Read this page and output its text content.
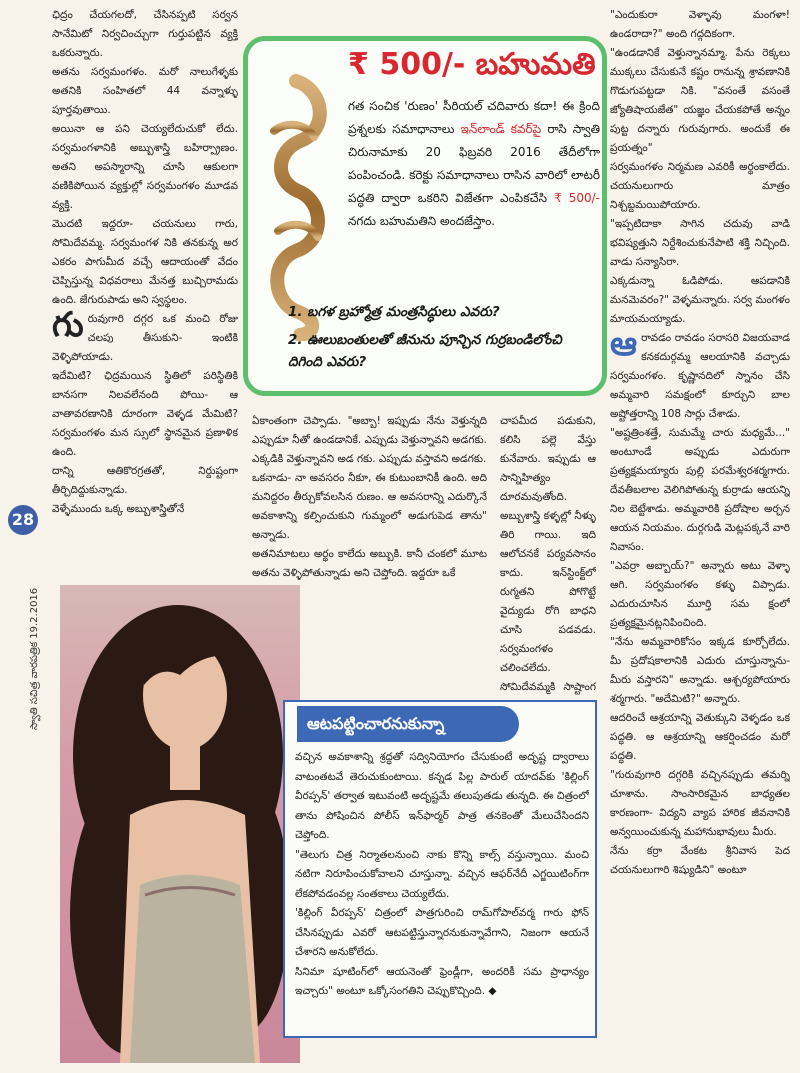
28
స్వాతి సచిత్ర వారపత్రిక 19.2.2016
ఛిద్రం చేయగలదో, చేసినప్పటి సర్వన సానేమిటో నిర్వచించ్చుగా గుర్తుపట్టిన వ్యక్తి ఒకరున్నారు.
అతను సర్వమంగళం. మరో నాలుగేళ్ళకు అతనికి సంహితలో 44 వన్నాళ్ళు పూర్తవుతాయి.
అయినా ఆ పని చెయ్యలేదుచుకో లేదు. సర్వమంగళానికి అబ్బుశాస్త్రి బహిర్ప్రాణం. అతని అపస్మారాన్ని చూసి ఆకులగా వణికిపోయిన వ్యక్తుల్లో సర్వమంగళం మూడవ వ్యక్తి.
మొదటి ఇద్దరూ- చయనులు గారు, సోమిదేవమ్మ. సర్వమంగళ నికి తనకున్న అర ఎకరం పాగుమీద వచ్చే ఆదాయంతో వేదం చెప్పిస్తున్న విధవరాలు మేనత్త బుచ్చిరామడు ఉంది. జేగురుపాడు అని స్వస్థలం.

గు రువుగారి దగ్గర ఒక మంచి రోజు చలపు తీసుకుని- ఇంటికి వెళ్ళిపోయాడు.
ఇదేమిటి? ఛిద్రమయిన స్థితిలో పరిస్థితికి బానసగా నిలవలేనంది పోయి- ఆ వాతావరణానికి దూరంగా వెళ్ళడ మేమిటి? సర్వమంగళం మన స్సులో స్థానమైన ప్రణాళిక ఉంది.
దాన్ని ఆతికొరగ్రతతో, నిర్దుష్టంగా తీర్చిదిద్దుకున్నాడు.
వెళ్ళేముందు ఒక్క అబ్బుశాస్త్రితోనే
స్వాతి	₹ 500/- బహుమతి
గత సంచిక 'రుణం' సీరియల్ చదివారు కదా! ఈ క్రింది ప్రశ్నలకు సమాధానాలు ఇన్‌లాండ్ కవర్‌పై రాసి స్వాతి చిరునామాకు 20 ఫిబ్రవరి 2016 తేదీలోగా పంపించండి. కరెక్టు సమాధానాలు రాసిన వారిలో లాటరీ పద్ధతి ద్వారా ఒకరిని విజేతగా ఎంపికచేసి ₹ 500/- నగదు బహుమతిని అందజేస్తాం.
1. బగళ బ్రహ్మోత్ర మంత్రసిద్ధులు ఎవరు?
2. ఊలుబంతులతో జీనును పూన్చిన గుర్రబండిలోంచి దిగింది ఎవరు?
ఏకాంతంగా చెప్పాడు. "అబ్బా! ఇప్పుడు నేను వెళ్తున్నది ఎప్పుడూ నీతో ఉండడానికే. ఎప్పుడు వెళ్తున్నావని అడగకు. ఎక్కడికి వెళ్తున్నావని అడ గకు. ఎప్పుడు వస్తావని అడగకు.
ఒకనాడు- నా అవసరం నీకూ, ఈ కుటుంబానికీ ఉంది. అది మనిద్దరం తీర్చుకోవలసిన రుణం. ఆ అవసరాన్ని ఎదుర్కొనే అవకాశాన్ని కల్పించుకుని గుమ్మంలో అడుగుపెడ తాను" అన్నాడు.
అతనిమాటలు అర్థం కాలేదు అబ్బుకి. కానీ చంకలో మూట అతను వెళ్ళిపోతున్నాడు అని చెప్తోంది. ఇద్దరూ ఒకే
చాపమీద పడుకుని, కలిసి పల్లె వేస్తు కునేవారు. ఇప్పుడు ఆ సాన్నిహిత్యం దూరమవుతోంది.
అబ్బుశాస్త్రి కళ్ళల్లో నీళ్ళు తిరి గాయి. ఇది ఆలోచనకే పర్యవసానం కాదు. ఇన్‌స్టింక్ట్‌లో రుగ్మతని పోగొట్టే వైద్యుడు రోగి బాధని చూసి పడవడు. సర్వమంగళం చలించలేదు.
సోమిదేవమ్మకి సాష్టాంగ

"ఎందుకురా వెళ్ళావు మంగళా! ఉండరాదా?" అంది గద్గదికంగా.
"ఉండడానికే వెళ్తున్నానమ్మా. పేను రెక్కలు ముక్కలు చేసుకునే కష్టం రానున్న శ్రావణానికి గొడుగుపట్టడా నికి. "వసంతే వసంతే జ్యోతిషాయజేత" యజ్ఞం చేయకపోతే అన్నం పుట్ట దన్నారు గురువుగారు. అందుకే ఈ ప్రయత్నం"
సర్వమంగళం నిర్మమణ ఎవరికీ అర్థంకాలేదు. చయనులుగారు మాత్రం నిశ్చబ్దమయిపోయారు.
"ఇప్పటిదాకా సాగిన చదువు వాడి భవిష్యత్తుని నిర్దేశించుకునేపాటి శక్తి నిచ్చింది. వాడు సన్యాసిరా.
ఎక్కడున్నా ఓడిపోడు. ఆపడానికి మనమెవరం?" వెళ్ళమన్నారు. సర్వ మంగళం మాయమయ్యాడు.

ఆ రావడం రావడం సరాసరి విజయవాడ కనకదుర్గమ్మ ఆలయానికి వచ్చాడు సర్వమంగళం. కృష్ణానదిలో స్నానం చేసి అమ్మవారి సమక్షంలో కూర్చుని బాల అష్టోత్తరాన్ని 108 సార్లు చేశాడు.
"అష్టత్రింశత్తే, సుమమ్మే చారు మధ్యమే..." అంటూండే అప్పుడు ఎదురుగా ప్రత్యక్షమయ్యారు పుల్లి పరమేశ్వరశర్మగారు. దేవతీబలాల వెలిగిపోతున్న కుర్రాడు ఆయన్ని నిల బెట్టేశాడు. అమ్మవారికి ప్రదోషాల అర్చన ఆయన నియమం. దుర్గగుడి మెట్లపక్కనే వారి నివాసం.
"ఎవర్రా అబ్బాయ్?" అన్నారు అటు వెళ్ళా ఆగి. సర్వమంగళం కళ్ళు విప్పాడు. ఎదురుచూసిన మూర్తి సమ క్షంలో ప్రత్యక్షమైనట్లనిపించింది.
"నేను అమ్మవారికోసం ఇక్కడ కూర్చోలేదు. మీ ప్రదోషకాలానికి ఎదురు చూస్తున్నాను- మీరు వస్తారని" అన్నాడు. ఆశ్చర్యపోయారు శర్మగారు. "అదేమిటి?" అన్నారు.
ఆదరించే ఆశ్రయాన్ని వెతుక్కుని వెళ్ళడం ఒక పద్ధతి. ఆ ఆశ్రయాన్ని ఆకర్షించడం మరో పద్ధతి.
"గురువుగారి దగ్గరికి వచ్చినప్పుడు తమర్ని చూశాను. సాంసారికమైన బాధ్యతల కారణంగా- విద్యని వ్యాప హారిక జీవనానికి అన్వయించుకున్న మహానుభావులు మీరు.
నేను కర్రా వేంకట శ్రీనివాస పెద చయనులుగారి శిష్యుడిని" అంటూ
ఆటపట్టించారనుకున్నా
వచ్చిన అవకాశాన్ని శ్రద్ధతో సద్వినియోగం చేసుకుంటే అదృష్ట ద్వారాలు వాటంతటవే తెరుచుకుంటాయి. కన్నడ పిల్ల పారుల్ యాదవ్‌కు 'కిల్లింగ్ వీరప్పన్' తర్వాత ఇటువంటి అదృష్టమే తలుపుతడు తున్నది. ఈ చిత్రంలో తాను పోషించిన పోలీస్ ఇన్‌ఫార్మర్ పాత్ర తనకెంతో మేలుచేసిందని చెప్తోంది.
"తెలుగు చిత్ర నిర్మాతలనుంచి నాకు కొన్ని కాల్స్ వస్తున్నాయి. మంచి నటిగా నిరూపించుకోవాలని చూస్తున్నా. వచ్చిన ఆఫర్‌నేదీ ఎగ్జయిటింగ్‌గా లేకపోవడంవల్ల సంతకాలు చెయ్యలేదు.
'కిల్లింగ్ వీరప్పన్' చిత్రంలో పాత్రగురించి రామ్‌గోపాల్‌వర్మ గారు ఫోన్ చేసినప్పుడు ఎవరో ఆటపట్టిస్తున్నారనుకున్నావేగాని, నిజంగా ఆయనే చేశారని అనుకోలేదు.
సినిమా షూటింగ్‌లో ఆయనెంతో ఫ్రెండ్లీగా, అందరికీ సమ ప్రాధాన్యం ఇచ్చారు" అంటూ ఒక్కోసంగతిని చెప్పుకొచ్చింది. ◆
